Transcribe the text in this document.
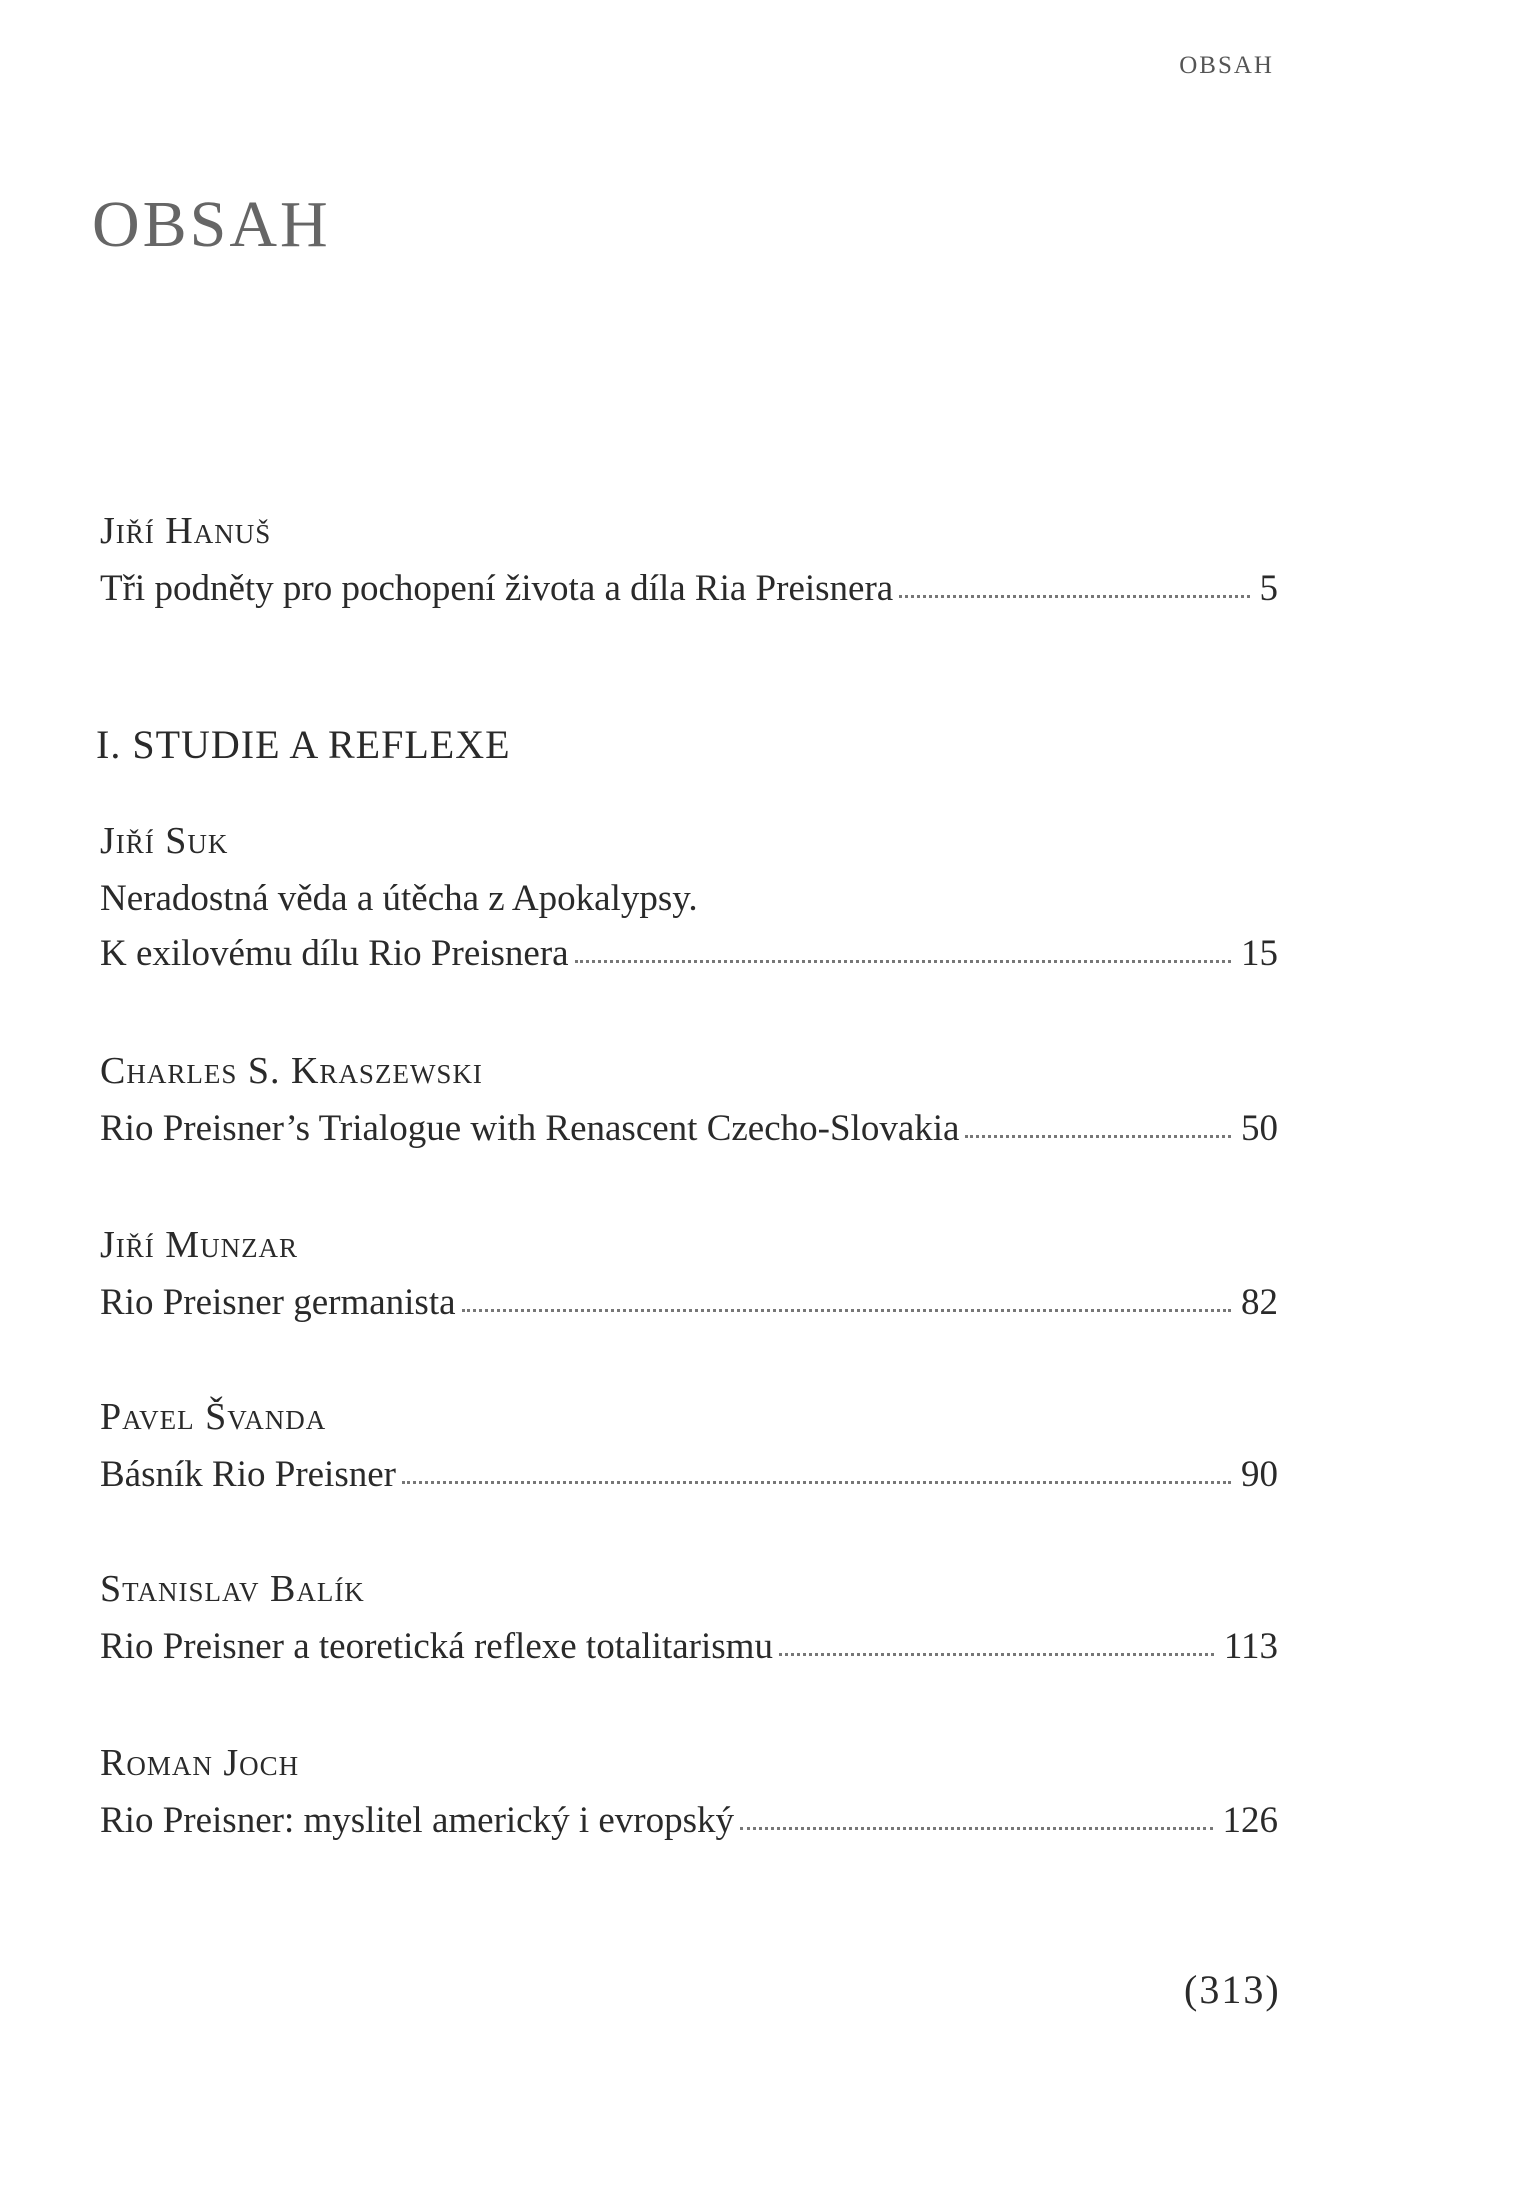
OBSAH
OBSAH
Jiří Hanuš
Tři podněty pro pochopení života a díla Ria Preisnera	5
I. STUDIE A REFLEXE
Jiří Suk
Neradostná věda a útěcha z Apokalypsy.
K exilovému dílu Rio Preisnera	15
Charles S. Kraszewski
Rio Preisner’s Trialogue with Renascent Czecho-Slovakia	50
Jiří Munzar
Rio Preisner germanista	82
Pavel Švanda
Básník Rio Preisner	90
Stanislav Balík
Rio Preisner a teoretická reflexe totalitarismu	113
Roman Joch
Rio Preisner: myslitel americký i evropský	126
(313)
